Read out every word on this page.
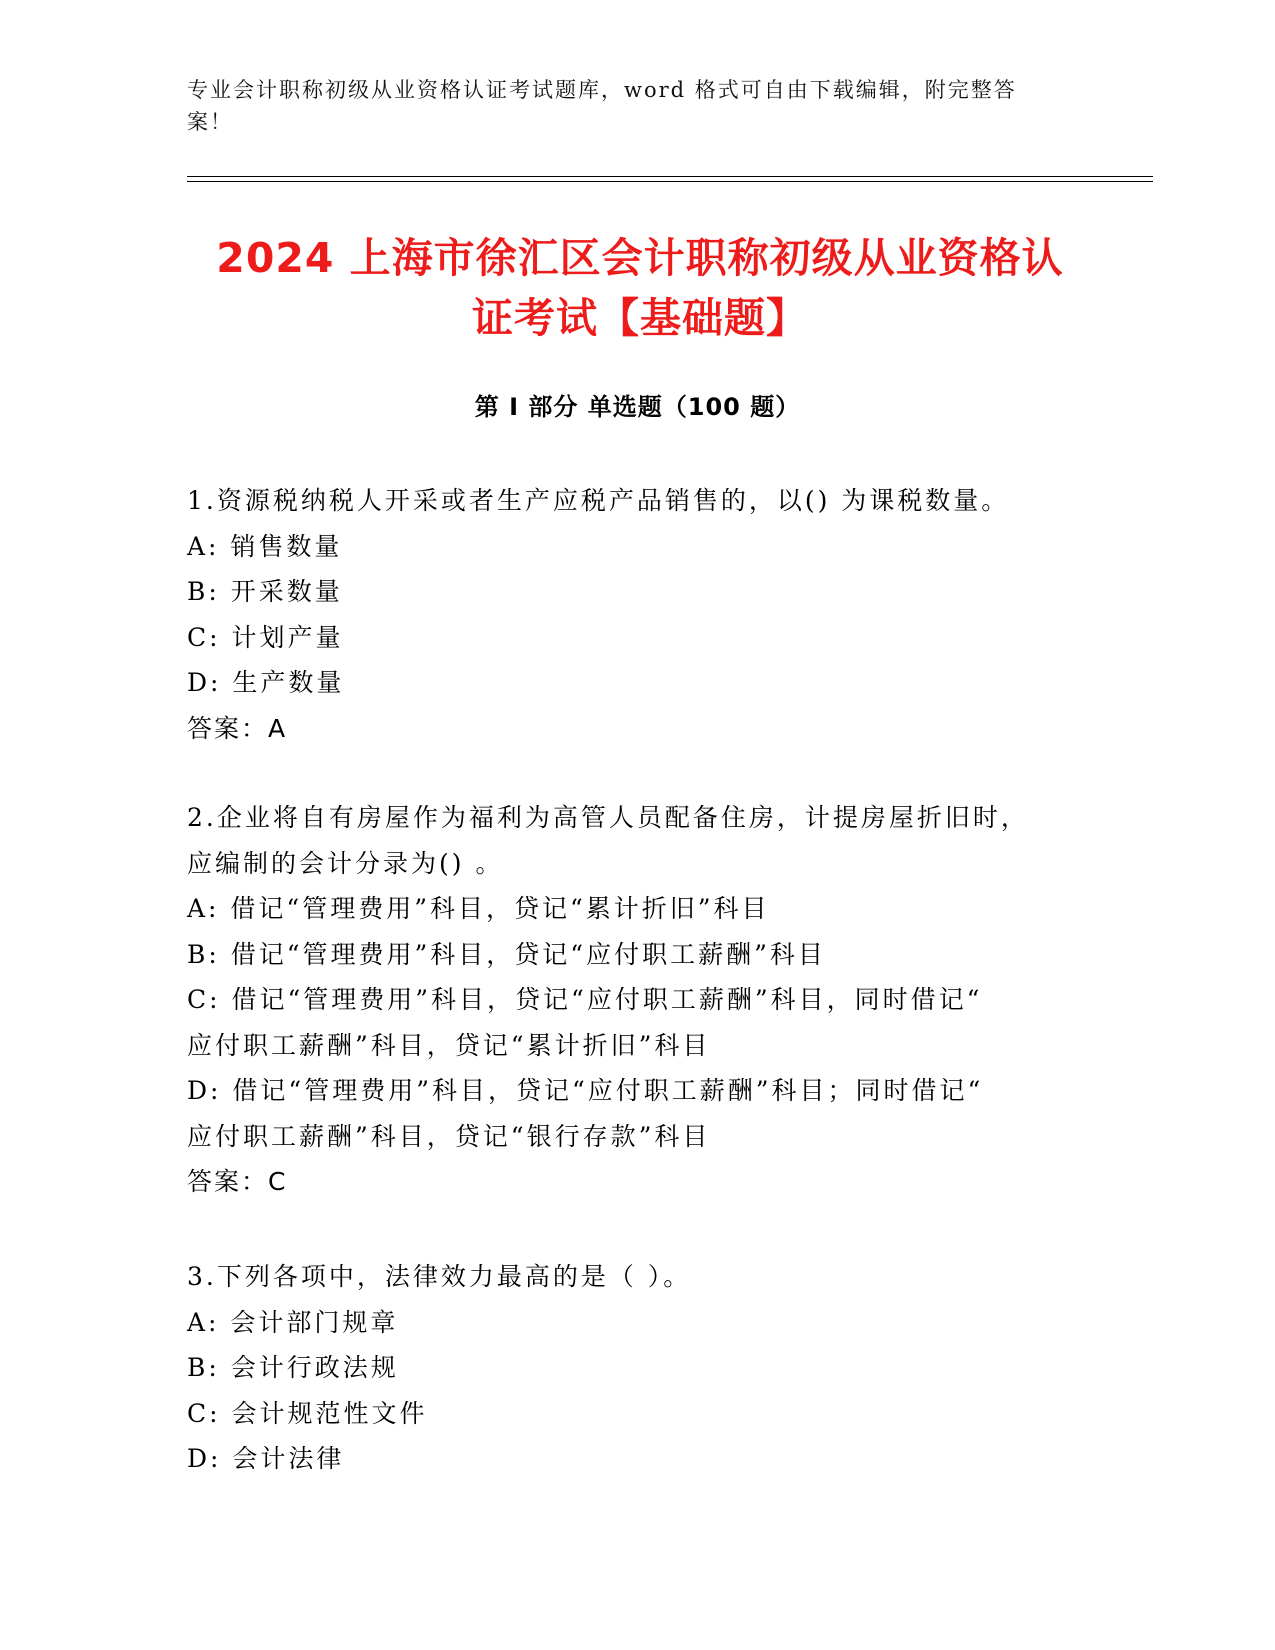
专业会计职称初级从业资格认证考试题库，word 格式可自由下载编辑，附完整答
案！
2024 上海市徐汇区会计职称初级从业资格认
证考试【基础题】
第 I 部分 单选题（100 题）
1.资源税纳税人开采或者生产应税产品销售的，以() 为课税数量。
A: 销售数量
B: 开采数量
C: 计划产量
D: 生产数量
答案：A
2.企业将自有房屋作为福利为高管人员配备住房，计提房屋折旧时，
应编制的会计分录为() 。
A: 借记“管理费用”科目，贷记“累计折旧”科目
B: 借记“管理费用”科目，贷记“应付职工薪酬”科目
C: 借记“管理费用”科目，贷记“应付职工薪酬”科目，同时借记“
应付职工薪酬”科目，贷记“累计折旧”科目
D: 借记“管理费用”科目，贷记“应付职工薪酬”科目；同时借记“
应付职工薪酬”科目，贷记“银行存款”科目
答案：C
3.下列各项中，法律效力最高的是（ ）。
A: 会计部门规章
B: 会计行政法规
C: 会计规范性文件
D: 会计法律
